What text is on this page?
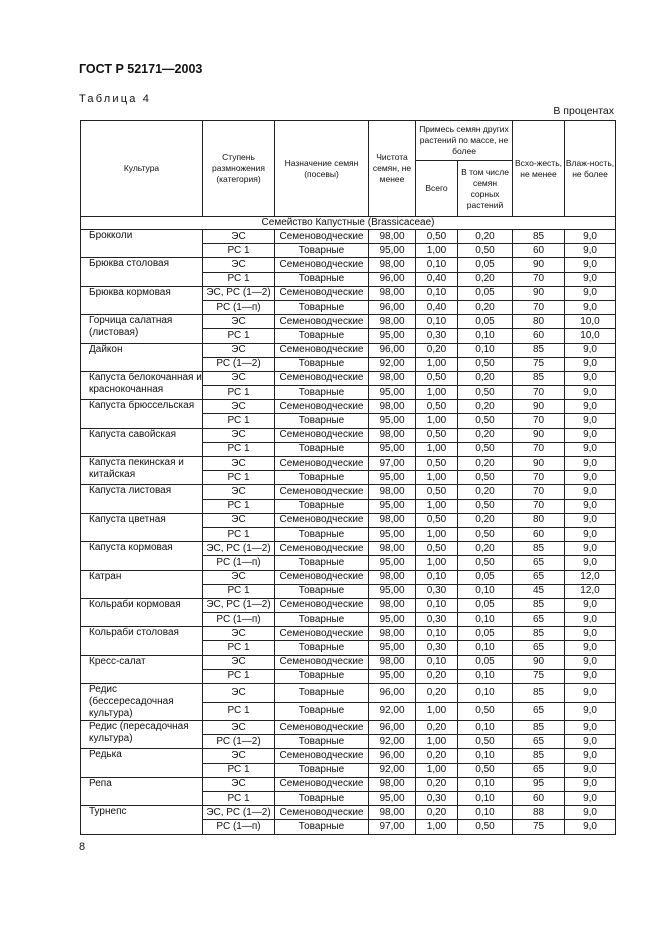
ГОСТ Р 52171—2003
Таблица 4
В процентах
Культура	Ступень размножения (категория)	Назначение семян (посевы)	Чистота семян, не менее	Примесь семян других растений по массе, не более		Всхо-жесть, не менее	Влаж-ность, не более
				Всего	В том числе семян сорных растений		
Семейство Капустные (Brassicaceae)							
Брокколи	ЭС	Семеноводческие	98,00	0,50	0,20	85	9,0
	РС 1	Товарные	95,00	1,00	0,50	60	9,0
Брюква столовая	ЭС	Семеноводческие	98,00	0,10	0,05	90	9,0
	РС 1	Товарные	96,00	0,40	0,20	70	9,0
Брюква кормовая	ЭС, РС (1—2)	Семеноводческие	98,00	0,10	0,05	90	9,0
	РС (1—п)	Товарные	96,00	0,40	0,20	70	9,0
Горчица салатная (листовая)	ЭС	Семеноводческие	98,00	0,10	0,05	80	10,0
	РС 1	Товарные	95,00	0,30	0,10	60	10,0
Дайкон	ЭС	Семеноводческие	96,00	0,20	0,10	85	9,0
	РС (1—2)	Товарные	92,00	1,00	0,50	75	9,0
Капуста белокочанная и краснокочанная	ЭС	Семеноводческие	98,00	0,50	0,20	85	9,0
	РС 1	Товарные	95,00	1,00	0,50	70	9,0
Капуста брюссельская	ЭС	Семеноводческие	98,00	0,50	0,20	90	9,0
	РС 1	Товарные	95,00	1,00	0,50	70	9,0
Капуста савойская	ЭС	Семеноводческие	98,00	0,50	0,20	90	9,0
	РС 1	Товарные	95,00	1,00	0,50	70	9,0
Капуста пекинская и китайская	ЭС	Семеноводческие	97,00	0,50	0,20	90	9,0
	РС 1	Товарные	95,00	1,00	0,50	70	9,0
Капуста листовая	ЭС	Семеноводческие	98,00	0,50	0,20	70	9,0
	РС 1	Товарные	95,00	1,00	0,50	70	9,0
Капуста цветная	ЭС	Семеноводческие	98,00	0,50	0,20	80	9,0
	РС 1	Товарные	95,00	1,00	0,50	60	9,0
Капуста кормовая	ЭС, РС (1—2)	Семеноводческие	98,00	0,50	0,20	85	9,0
	РС (1—п)	Товарные	95,00	1,00	0,50	65	9,0
Катран	ЭС	Семеноводческие	98,00	0,10	0,05	65	12,0
	РС 1	Товарные	95,00	0,30	0,10	45	12,0
Кольраби кормовая	ЭС, РС (1—2)	Семеноводческие	98,00	0,10	0,05	85	9,0
	РС (1—п)	Товарные	95,00	0,30	0,10	65	9,0
Кольраби столовая	ЭС	Семеноводческие	98,00	0,10	0,05	85	9,0
	РС 1	Товарные	95,00	0,30	0,10	65	9,0
Кресс-салат	ЭС	Семеноводческие	98,00	0,10	0,05	90	9,0
	РС 1	Товарные	95,00	0,20	0,10	75	9,0
Редис (бессересадочная культура)	ЭС	Товарные	96,00	0,20	0,10	85	9,0
	РС 1	Товарные	92,00	1,00	0,50	65	9,0
Редис (пересадочная культура)	ЭС	Семеноводческие	96,00	0,20	0,10	85	9,0
	РС (1—2)	Товарные	92,00	1,00	0,50	65	9,0
Редька	ЭС	Семеноводческие	96,00	0,20	0,10	85	9,0
	РС 1	Товарные	92,00	1,00	0,50	65	9,0
Репа	ЭС	Семеноводческие	98,00	0,20	0,10	95	9,0
	РС 1	Товарные	95,00	0,30	0,10	60	9,0
Турнепс	ЭС, РС (1—2)	Семеноводческие	98,00	0,20	0,10	88	9,0
	РС (1—п)	Товарные	97,00	1,00	0,50	75	9,0
8
